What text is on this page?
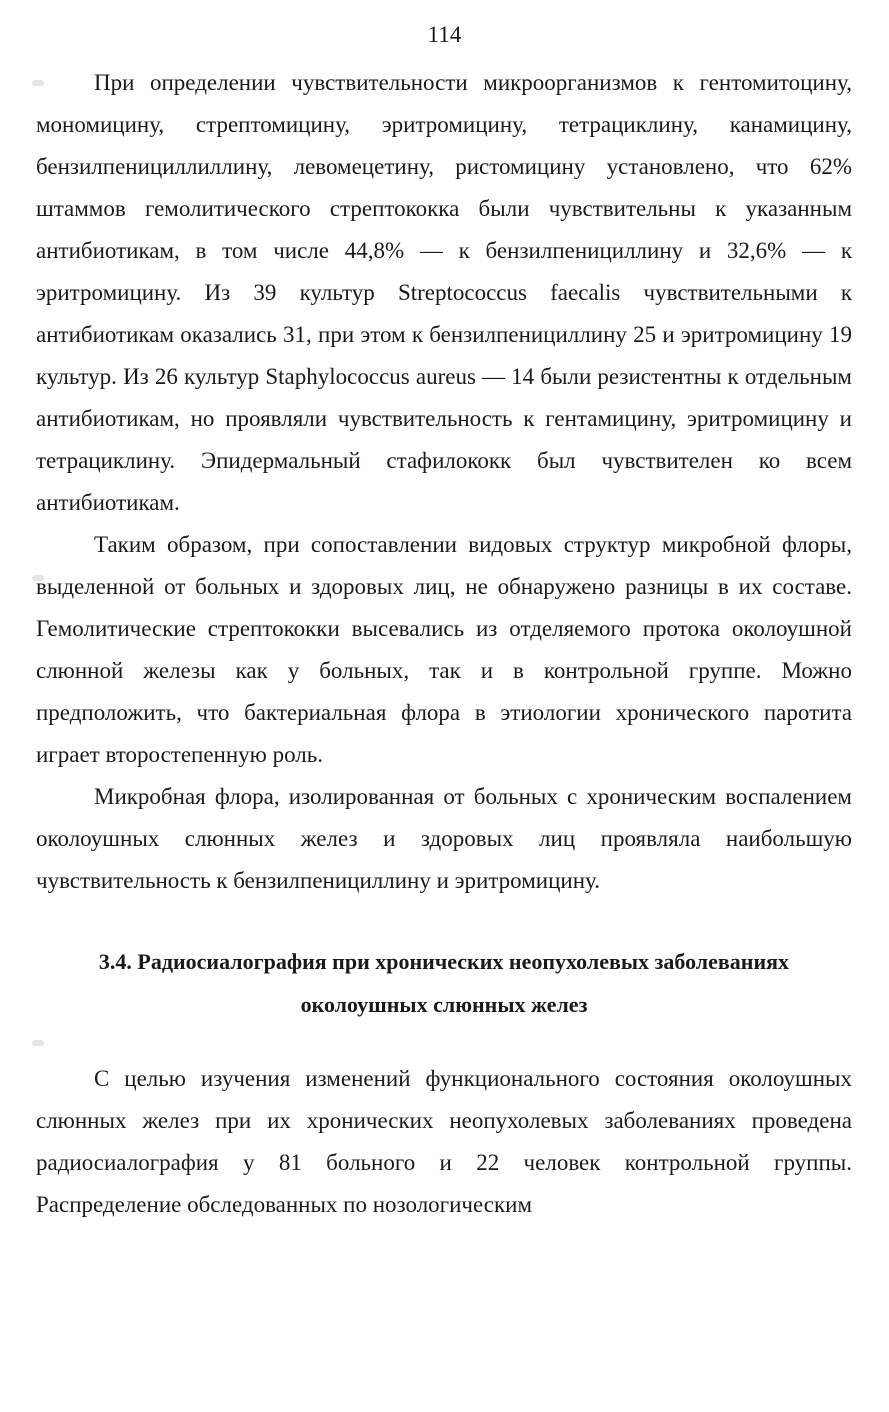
114

При определении чувствительности микроорганизмов к гентомитоцину, мономицину, стрептомицину, эритромицину, тетрациклину, канамицину, бензилпенициллиллину, левомецетину, ристомицину установлено, что 62% штаммов гемолитического стрептококка были чувствительны к указанным антибиотикам, в том числе 44,8% — к бензилпенициллину и 32,6% — к эритромицину. Из 39 культур Streptococcus faecalis чувствительными к антибиотикам оказались 31, при этом к бензилпенициллину 25 и эритромицину 19 культур. Из 26 культур Staphylococcus aureus — 14 были резистентны к отдельным антибиотикам, но проявляли чувствительность к гентамицину, эритромицину и тетрациклину. Эпидермальный стафилококк был чувствителен ко всем антибиотикам.

Таким образом, при сопоставлении видовых структур микробной флоры, выделенной от больных и здоровых лиц, не обнаружено разницы в их составе. Гемолитические стрептококки высевались из отделяемого протока околоушной слюнной железы как у больных, так и в контрольной группе. Можно предположить, что бактериальная флора в этиологии хронического паротита играет второстепенную роль.

Микробная флора, изолированная от больных с хроническим воспалением околоушных слюнных желез и здоровых лиц проявляла наибольшую чувствительность к бензилпенициллину и эритромицину.

3.4. Радиосиалография при хронических неопухолевых заболеваниях
околоушных слюнных желез

С целью изучения изменений функционального состояния околоушных слюнных желез при их хронических неопухолевых заболеваниях проведена радиосиалография у 81 больного и 22 человек контрольной группы. Распределение обследованных по нозологическим
